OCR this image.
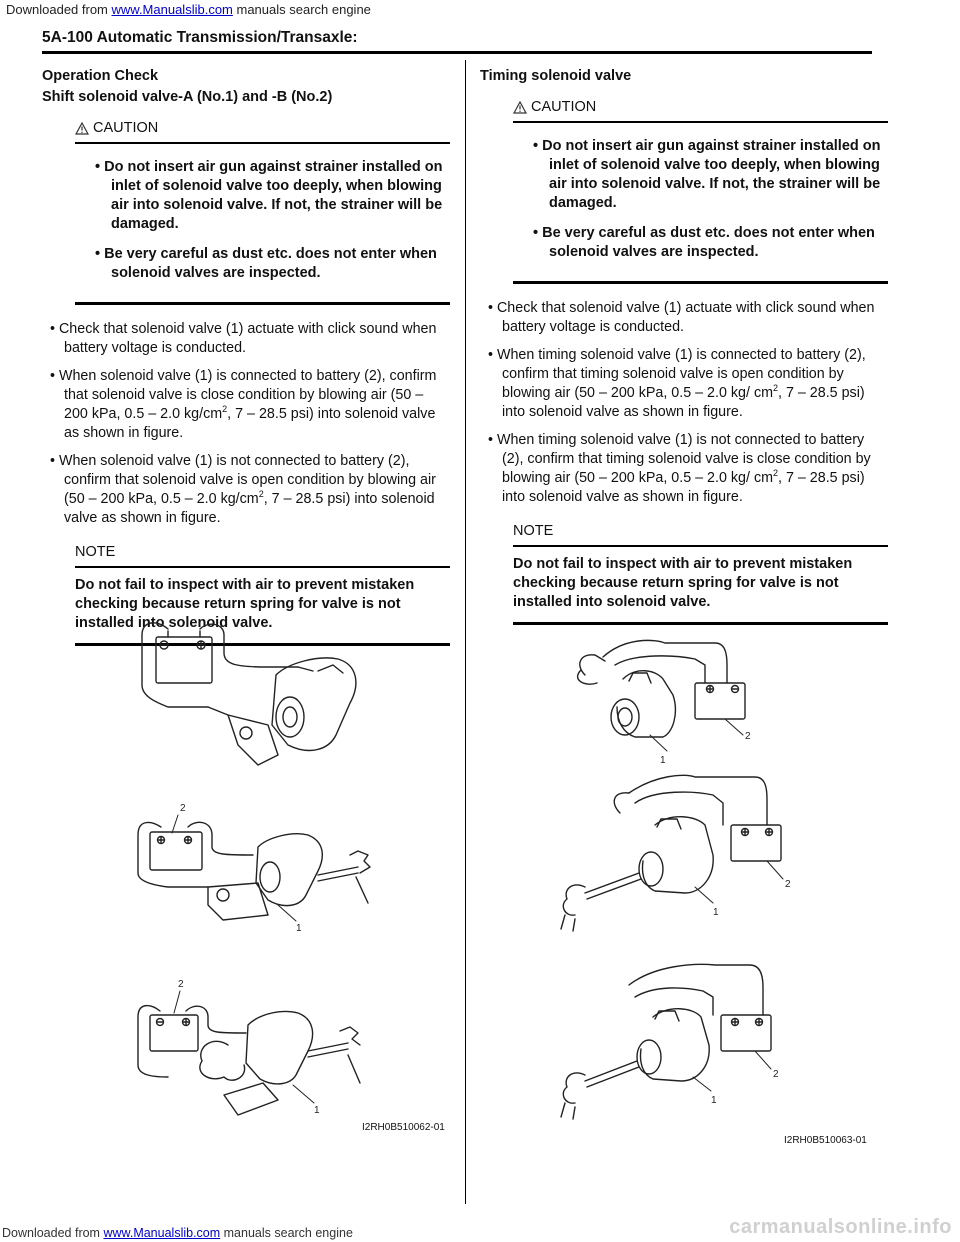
Downloaded from www.Manualslib.com manuals search engine
5A-100 Automatic Transmission/Transaxle:
Operation Check
Shift solenoid valve-A (No.1) and -B (No.2)
CAUTION
• Do not insert air gun against strainer installed on inlet of solenoid valve too deeply, when blowing air into solenoid valve. If not, the strainer will be damaged.
• Be very careful as dust etc. does not enter when solenoid valves are inspected.
• Check that solenoid valve (1) actuate with click sound when battery voltage is conducted.
• When solenoid valve (1) is connected to battery (2), confirm that solenoid valve is close condition by blowing air (50 – 200 kPa, 0.5 – 2.0 $kg/cm^2$, 7 – 28.5 psi) into solenoid valve as shown in figure.
• When solenoid valve (1) is not connected to battery (2), confirm that solenoid valve is open condition by blowing air (50 – 200 kPa, 0.5 – 2.0 $kg/cm^2$, 7 – 28.5 psi) into solenoid valve as shown in figure.
NOTE
Do not fail to inspect with air to prevent mistaken checking because return spring for valve is not installed into solenoid valve.
2
1
2
1
I2RH0B510062-01
Timing solenoid valve
CAUTION
• Do not insert air gun against strainer installed on inlet of solenoid valve too deeply, when blowing air into solenoid valve. If not, the strainer will be damaged.
• Be very careful as dust etc. does not enter when solenoid valves are inspected.
• Check that solenoid valve (1) actuate with click sound when battery voltage is conducted.
• When timing solenoid valve (1) is connected to battery (2), confirm that timing solenoid valve is open condition by blowing air (50 – 200 kPa, 0.5 – 2.0 kg/ $cm^2$, 7 – 28.5 psi) into solenoid valve as shown in figure.
• When timing solenoid valve (1) is not connected to battery (2), confirm that timing solenoid valve is close condition by blowing air (50 – 200 kPa, 0.5 – 2.0 kg/ $cm^2$, 7 – 28.5 psi) into solenoid valve as shown in figure.
NOTE
Do not fail to inspect with air to prevent mistaken checking because return spring for valve is not installed into solenoid valve.
1
2
1
2
1
2
I2RH0B510063-01
Downloaded from www.Manualslib.com manuals search engine	carmanualsonline.info
